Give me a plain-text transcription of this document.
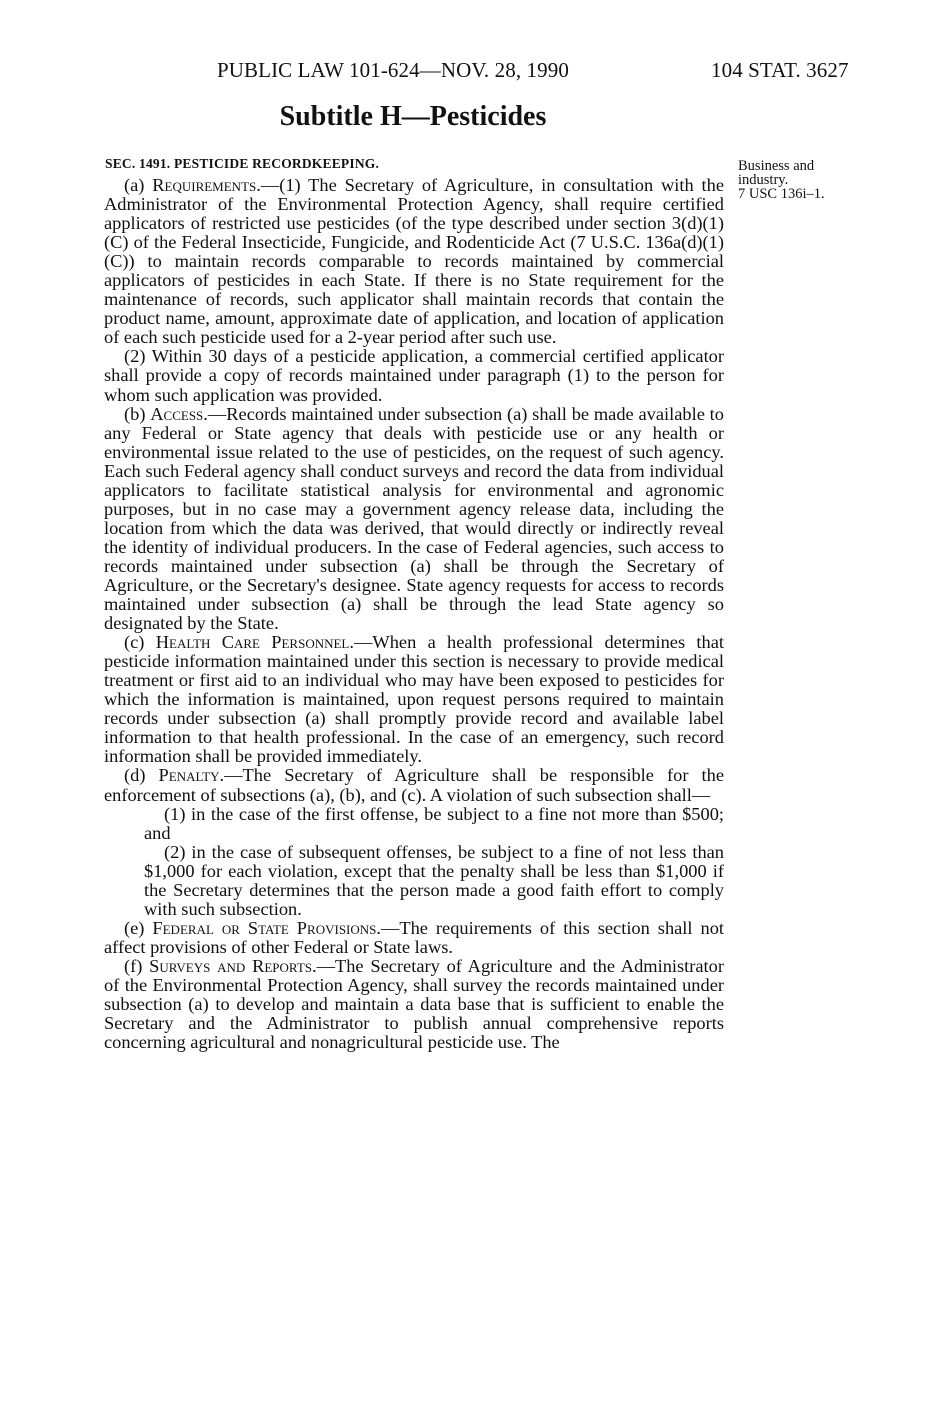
PUBLIC LAW 101-624—NOV. 28, 1990	104 STAT. 3627
Subtitle H—Pesticides
SEC. 1491. PESTICIDE RECORDKEEPING.	Business and
industry.
7 USC 136i–1.

(a) Requirements.—(1) The Secretary of Agriculture, in consultation with the Administrator of the Environmental Protection Agency, shall require certified applicators of restricted use pesticides (of the type described under section 3(d)(1)(C) of the Federal Insecticide, Fungicide, and Rodenticide Act (7 U.S.C. 136a(d)(1)(C)) to maintain records comparable to records maintained by commercial applicators of pesticides in each State. If there is no State requirement for the maintenance of records, such applicator shall maintain records that contain the product name, amount, approximate date of application, and location of application of each such pesticide used for a 2-year period after such use.

(2) Within 30 days of a pesticide application, a commercial certified applicator shall provide a copy of records maintained under paragraph (1) to the person for whom such application was provided.

(b) Access.—Records maintained under subsection (a) shall be made available to any Federal or State agency that deals with pesticide use or any health or environmental issue related to the use of pesticides, on the request of such agency. Each such Federal agency shall conduct surveys and record the data from individual applicators to facilitate statistical analysis for environmental and agronomic purposes, but in no case may a government agency release data, including the location from which the data was derived, that would directly or indirectly reveal the identity of individual producers. In the case of Federal agencies, such access to records maintained under subsection (a) shall be through the Secretary of Agriculture, or the Secretary's designee. State agency requests for access to records maintained under subsection (a) shall be through the lead State agency so designated by the State.

(c) Health Care Personnel.—When a health professional determines that pesticide information maintained under this section is necessary to provide medical treatment or first aid to an individual who may have been exposed to pesticides for which the information is maintained, upon request persons required to maintain records under subsection (a) shall promptly provide record and available label information to that health professional. In the case of an emergency, such record information shall be provided immediately.

(d) Penalty.—The Secretary of Agriculture shall be responsible for the enforcement of subsections (a), (b), and (c). A violation of such subsection shall—

(1) in the case of the first offense, be subject to a fine not more than $500; and

(2) in the case of subsequent offenses, be subject to a fine of not less than $1,000 for each violation, except that the penalty shall be less than $1,000 if the Secretary determines that the person made a good faith effort to comply with such subsection.

(e) Federal or State Provisions.—The requirements of this section shall not affect provisions of other Federal or State laws.

(f) Surveys and Reports.—The Secretary of Agriculture and the Administrator of the Environmental Protection Agency, shall survey the records maintained under subsection (a) to develop and maintain a data base that is sufficient to enable the Secretary and the Administrator to publish annual comprehensive reports concerning agricultural and nonagricultural pesticide use. The
